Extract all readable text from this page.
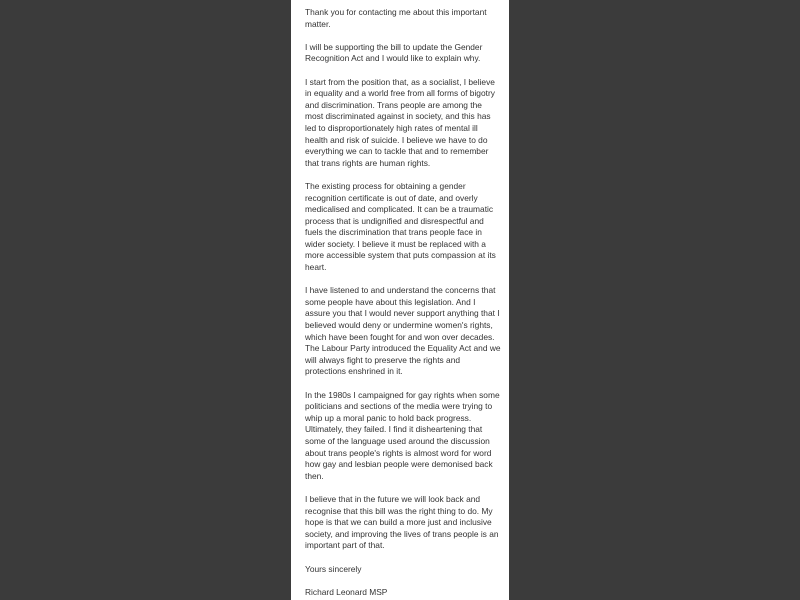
Thank you for contacting me about this important matter.

I will be supporting the bill to update the Gender Recognition Act and I would like to explain why.

I start from the position that, as a socialist, I believe in equality and a world free from all forms of bigotry and discrimination. Trans people are among the most discriminated against in society, and this has led to disproportionately high rates of mental ill health and risk of suicide. I believe we have to do everything we can to tackle that and to remember that trans rights are human rights.

The existing process for obtaining a gender recognition certificate is out of date, and overly medicalised and complicated. It can be a traumatic process that is undignified and disrespectful and fuels the discrimination that trans people face in wider society. I believe it must be replaced with a more accessible system that puts compassion at its heart.

I have listened to and understand the concerns that some people have about this legislation. And I assure you that I would never support anything that I believed would deny or undermine women's rights, which have been fought for and won over decades. The Labour Party introduced the Equality Act and we will always fight to preserve the rights and protections enshrined in it.

In the 1980s I campaigned for gay rights when some politicians and sections of the media were trying to whip up a moral panic to hold back progress. Ultimately, they failed. I find it disheartening that some of the language used around the discussion about trans people's rights is almost word for word how gay and lesbian people were demonised back then.

I believe that in the future we will look back and recognise that this bill was the right thing to do. My hope is that we can build a more just and inclusive society, and improving the lives of trans people is an important part of that.

Yours sincerely

Richard Leonard MSP
